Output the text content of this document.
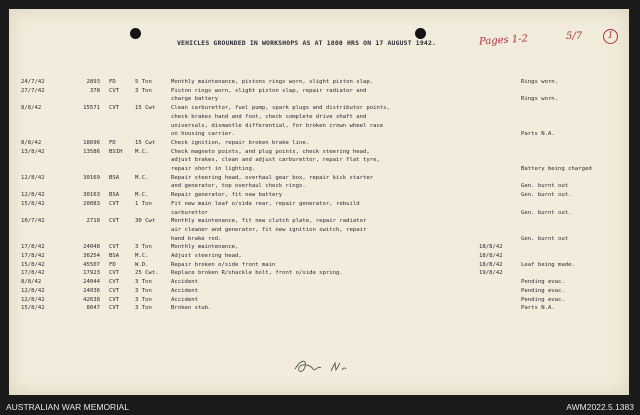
VEHICLES GROUNDED IN WORKSHOPS AS AT 1800 HRS ON 17 AUGUST 1942.	Pages 1-2	5/7	1
24/7/42	2893 FD	5 Ton	Monthly maintenance, pistons rings worn, slight piston slap.	Rings worn.
27/7/42	378 CVT	3 Ton	Piston rings worn, slight piston slap, repair radiator and
charge battery	Rings worn.
8/8/42	15571 CVT	15 Cwt	Clean carburettor, fuel pump, spark plugs and distributor points,
check brakes hand and foot, check complete drive shaft and
universals, dismantle differential, for broken crown wheel race
on housing carrier.	Parts N.A.
8/8/42	18696 FD	15 Cwt	Check ignition, repair broken brake line.
13/8/42	13586 BSIH M.C.	Check magneto points, and plug points, check steering head,
adjust brakes, clean and adjust carburettor, repair flat tyre,
repair short in lighting.	Battery being charged
12/8/42	30169 BSA	M.C.	Repair steering head, overhaul gear box, repair kick starter
and generator, top overhaul check rings.	Gen. burnt out
12/8/42	30163 BSA	M.C.	Repair generator, fit new battery	Gen. burnt out.
15/8/42	20083 CVT	1 Ton	Fit new main leaf o/side rear, repair generator, rebuild
carburettor	Gen. burnt out.
10/7/42	2718 CVT	30 Cwt	Monthly maintenance, fit new clutch plate, repair radiator
air cleaner and generator, fit new ignition switch, repair
hand brake rod.	Gen. burnt out
17/8/42	24048 CVT	3 Ton	Monthly maintenance,	18/8/42
17/8/42	36254 BSA	M.C.	Adjust steering head,	18/8/42
15/8/42	45507 FD	W.D.	Repair broken o/side front main	18/8/42	Leaf being made.
17/8/42	17923 CVT	25 Cwt. Replace broken R/shackle bolt, front o/side spring.	19/8/42
8/8/42	24044 CVT	3 Ton	Accident	Pending evac.
12/8/42	24036 CVT	3 Ton	Accident	Pending evac.
12/8/42	42638 CVT	3 Ton	Accident	Pending evac.
15/8/42	8047 CVT	3 Ton	Broken stub.	Parts N.A.
AUSTRALIAN WAR MEMORIAL	AWM2022.5.1383
